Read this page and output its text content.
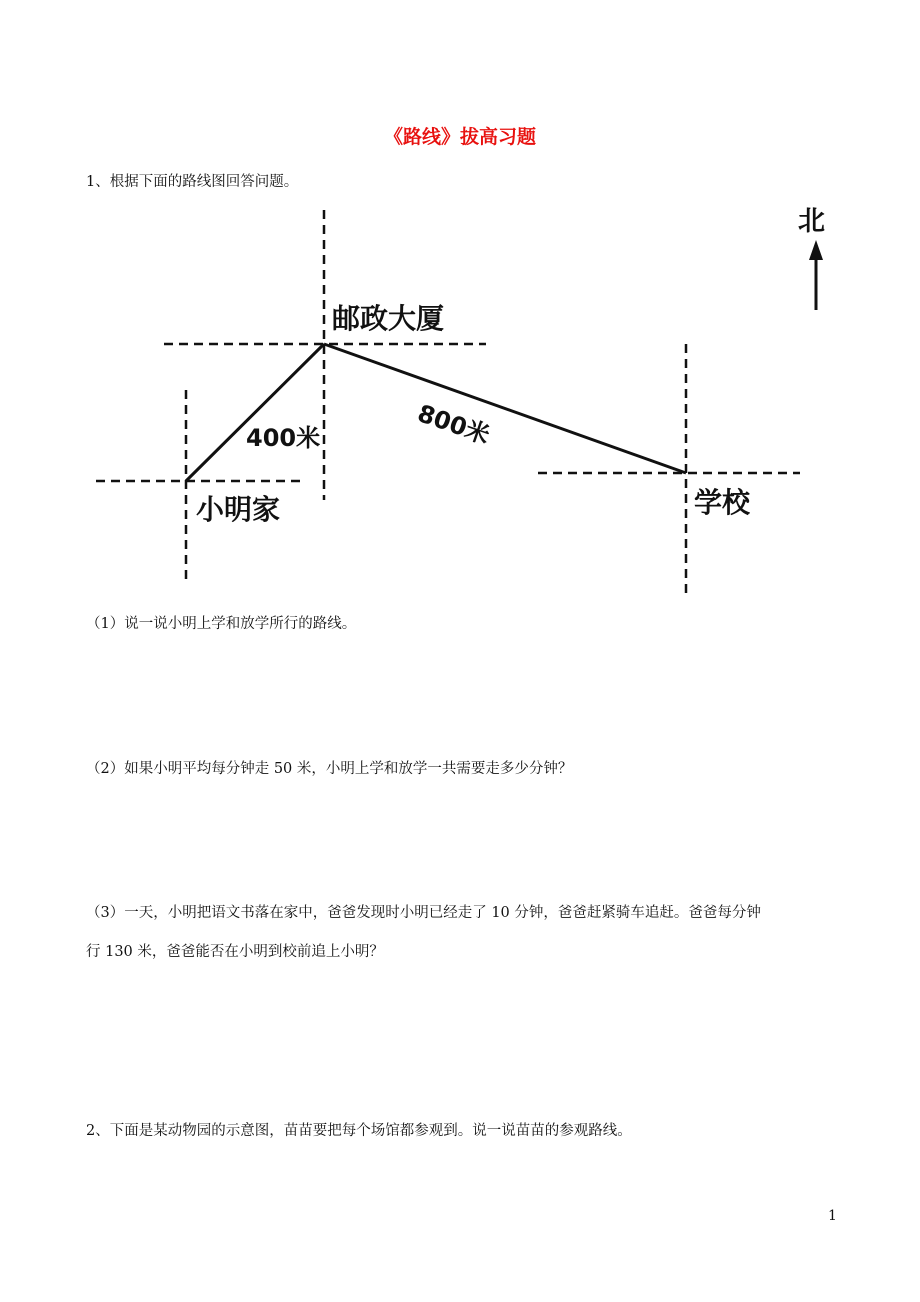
《路线》拔高习题
1、根据下面的路线图回答问题。
北
邮政大厦
小明家	学校
400米	800米
（1）说一说小明上学和放学所行的路线。
（2）如果小明平均每分钟走 50 米，小明上学和放学一共需要走多少分钟？
（3）一天，小明把语文书落在家中，爸爸发现时小明已经走了 10 分钟，爸爸赶紧骑车追赶。爸爸每分钟
行 130 米，爸爸能否在小明到校前追上小明？
2、下面是某动物园的示意图，苗苗要把每个场馆都参观到。说一说苗苗的参观路线。
1
